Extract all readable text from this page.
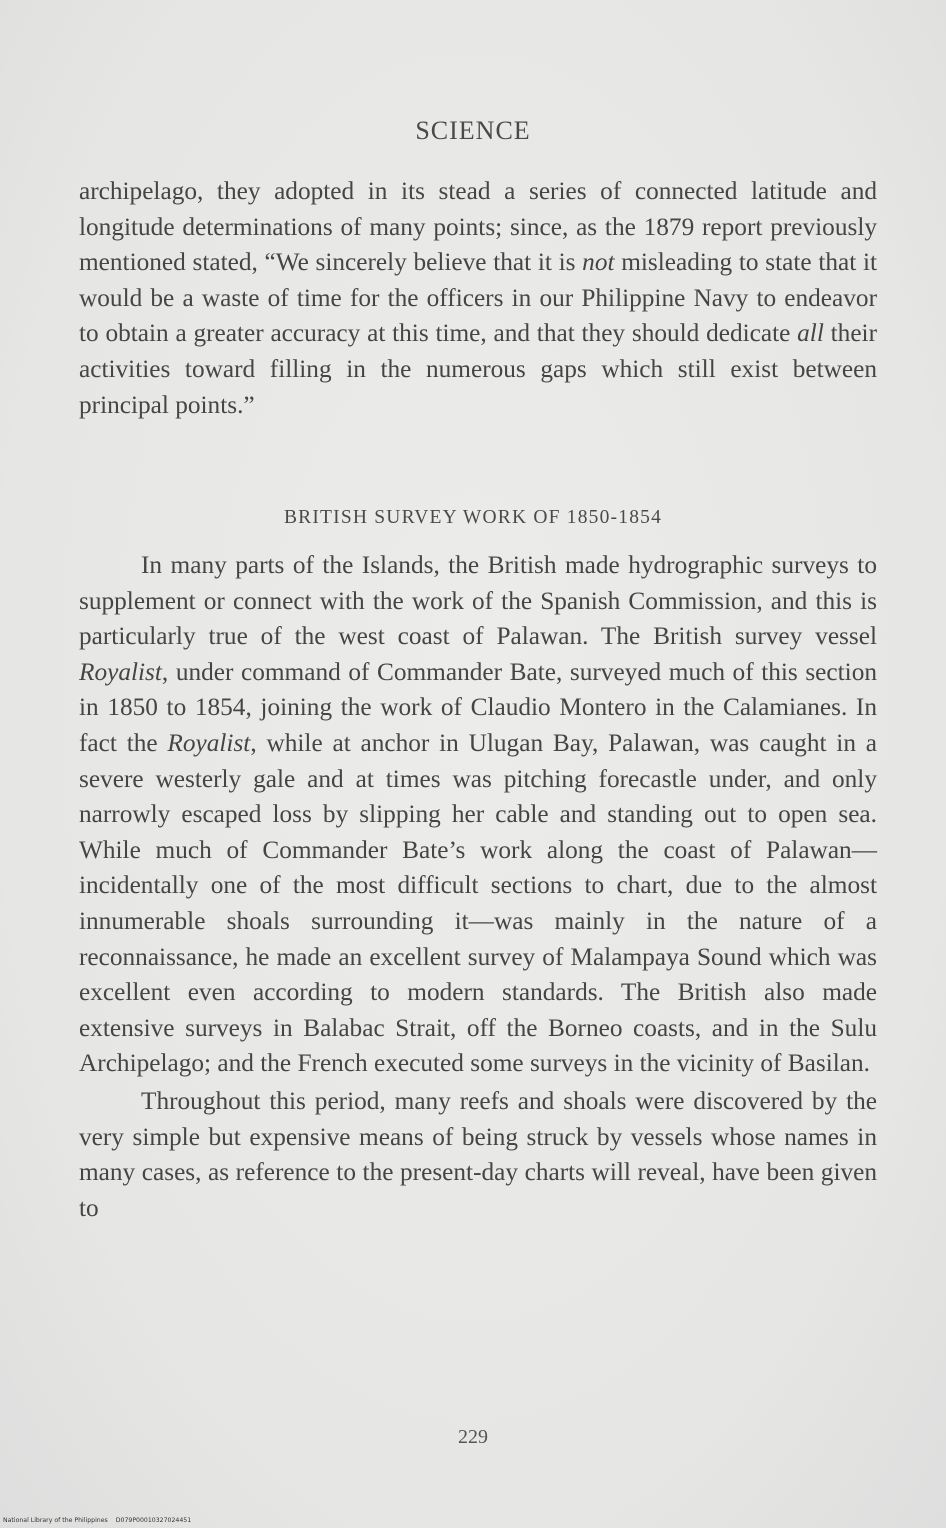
SCIENCE

archipelago, they adopted in its stead a series of connected latitude and longitude determinations of many points; since, as the 1879 report previously mentioned stated, “We sincerely believe that it is not misleading to state that it would be a waste of time for the officers in our Philippine Navy to endeavor to obtain a greater accuracy at this time, and that they should dedicate all their activities toward filling in the numerous gaps which still exist between principal points.”

BRITISH SURVEY WORK OF 1850-1854

In many parts of the Islands, the British made hydrographic surveys to supplement or connect with the work of the Spanish Commission, and this is particularly true of the west coast of Palawan. The British survey vessel Royalist, under command of Commander Bate, surveyed much of this section in 1850 to 1854, joining the work of Claudio Montero in the Calamianes. In fact the Royalist, while at anchor in Ulugan Bay, Palawan, was caught in a severe westerly gale and at times was pitching forecastle under, and only narrowly escaped loss by slipping her cable and standing out to open sea. While much of Commander Bate’s work along the coast of Palawan—incidentally one of the most difficult sections to chart, due to the almost innumerable shoals surrounding it—was mainly in the nature of a reconnaissance, he made an excellent survey of Malampaya Sound which was excellent even according to modern standards. The British also made extensive surveys in Balabac Strait, off the Borneo coasts, and in the Sulu Archipelago; and the French executed some surveys in the vicinity of Basilan.

Throughout this period, many reefs and shoals were discovered by the very simple but expensive means of being struck by vessels whose names in many cases, as reference to the present-day charts will reveal, have been given to

229
National Library of the Philippines D079P00010327024451
